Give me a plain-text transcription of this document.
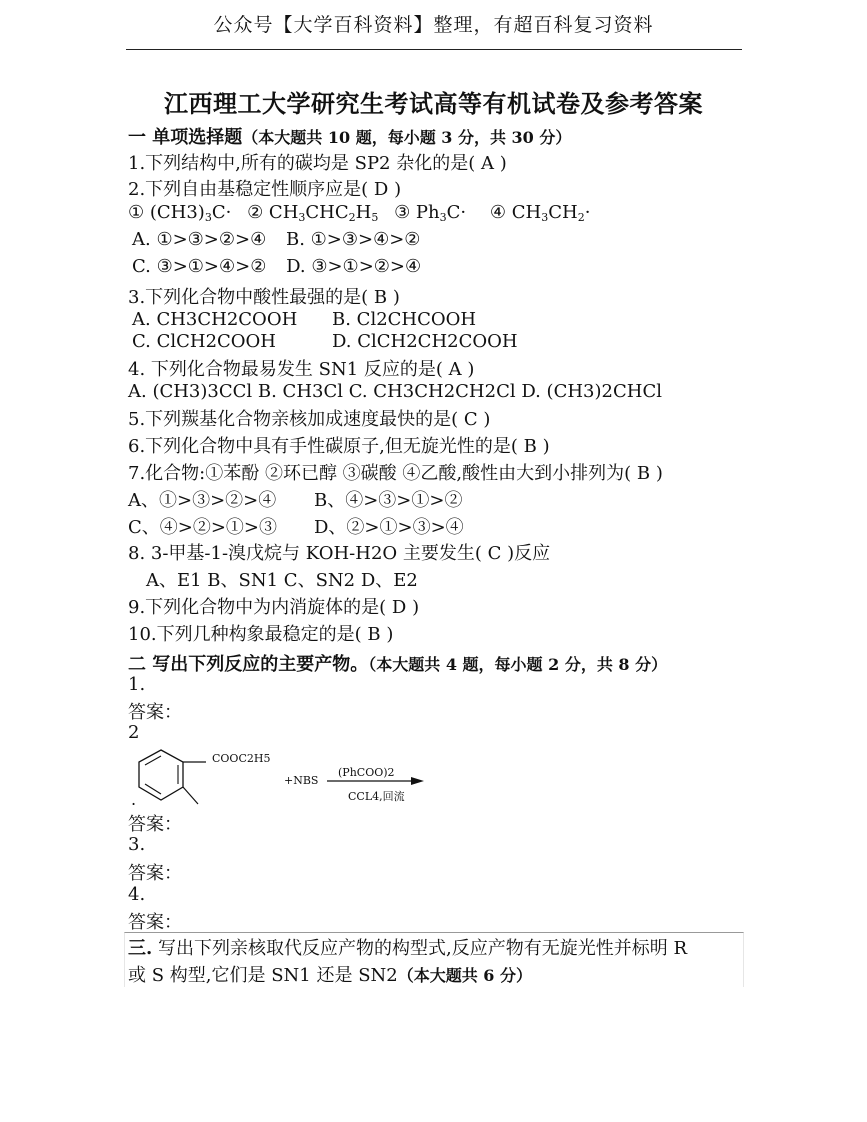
公众号【大学百科资料】整理，有超百科复习资料
江西理工大学研究生考试高等有机试卷及参考答案
一 单项选择题（本大题共 10 题，每小题 3 分，共 30 分）
1.下列结构中,所有的碳均是 SP2 杂化的是( A )
2.下列自由基稳定性顺序应是( D )
① $(CH3)_3C\cdot$ ② $CH_3CHC_2H_5$ ③ $Ph_3C\cdot$ ④ $CH_3CH_2\cdot$
A. ①>③>②>④ B. ①>③>④>②
C. ③>①>④>② D. ③>①>②>④
3.下列化合物中酸性最强的是( B )
A. CH3CH2COOH B. Cl2CHCOOH
C. ClCH2COOH	D. ClCH2CH2COOH
4. 下列化合物最易发生 SN1 反应的是( A )
A. (CH3)3CCl B. CH3Cl C. CH3CH2CH2Cl D. (CH3)2CHCl
5.下列羰基化合物亲核加成速度最快的是( C )
6.下列化合物中具有手性碳原子,但无旋光性的是( B )
7.化合物:①苯酚 ②环已醇 ③碳酸 ④乙酸,酸性由大到小排列为( B )
A、①>③>②>④ B、④>③>①>②
C、④>②>①>③ D、②>①>③>④
8. 3-甲基-1-溴戊烷与 KOH-H2O 主要发生( C )反应
A、E1 B、SN1 C、SN2 D、E2
9.下列化合物中为内消旋体的是( D )
10.下列几种构象最稳定的是( B )
二 写出下列反应的主要产物。（本大题共 4 题，每小题 2 分，共 8 分）
1.
答案：
2
COOC2H5
+NBS
(PhCOO)2
CCL4,回流
.
答案：
3.
答案：
4.
答案：
三. 写出下列亲核取代反应产物的构型式,反应产物有无旋光性并标明 R
或 S 构型,它们是 SN1 还是 SN2（本大题共 6 分）
